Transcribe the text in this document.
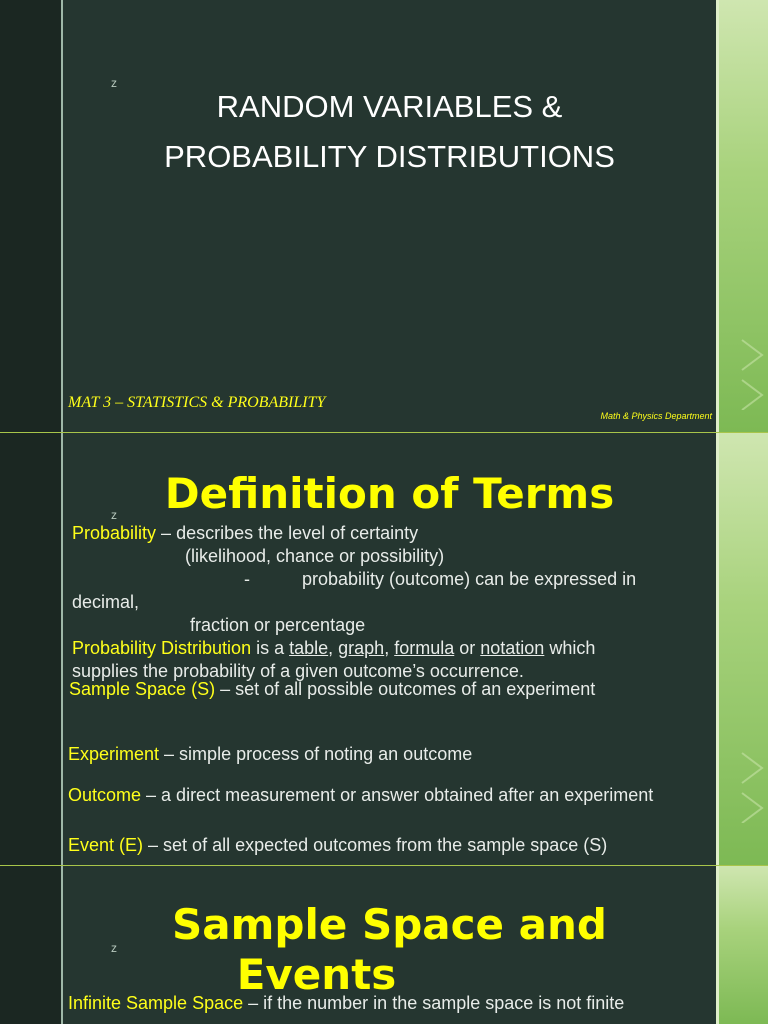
z
RANDOM VARIABLES &
PROBABILITY DISTRIBUTIONS
MAT 3 – STATISTICS & PROBABILITY
Math & Physics Department
Definition of Terms
z
Probability – describes the level of certainty
(likelihood, chance or possibility)
-	probability (outcome) can be expressed in
decimal,
fraction or percentage
Probability Distribution is a table, graph, formula or notation which
supplies the probability of a given outcome’s occurrence.
Sample Space (S) – set of all possible outcomes of an experiment
Experiment – simple process of noting an outcome
Outcome – a direct measurement or answer obtained after an experiment
Event (E) – set of all expected outcomes from the sample space (S)
Sample Space and
Events
z
Infinite Sample Space – if the number in the sample space is not finite
